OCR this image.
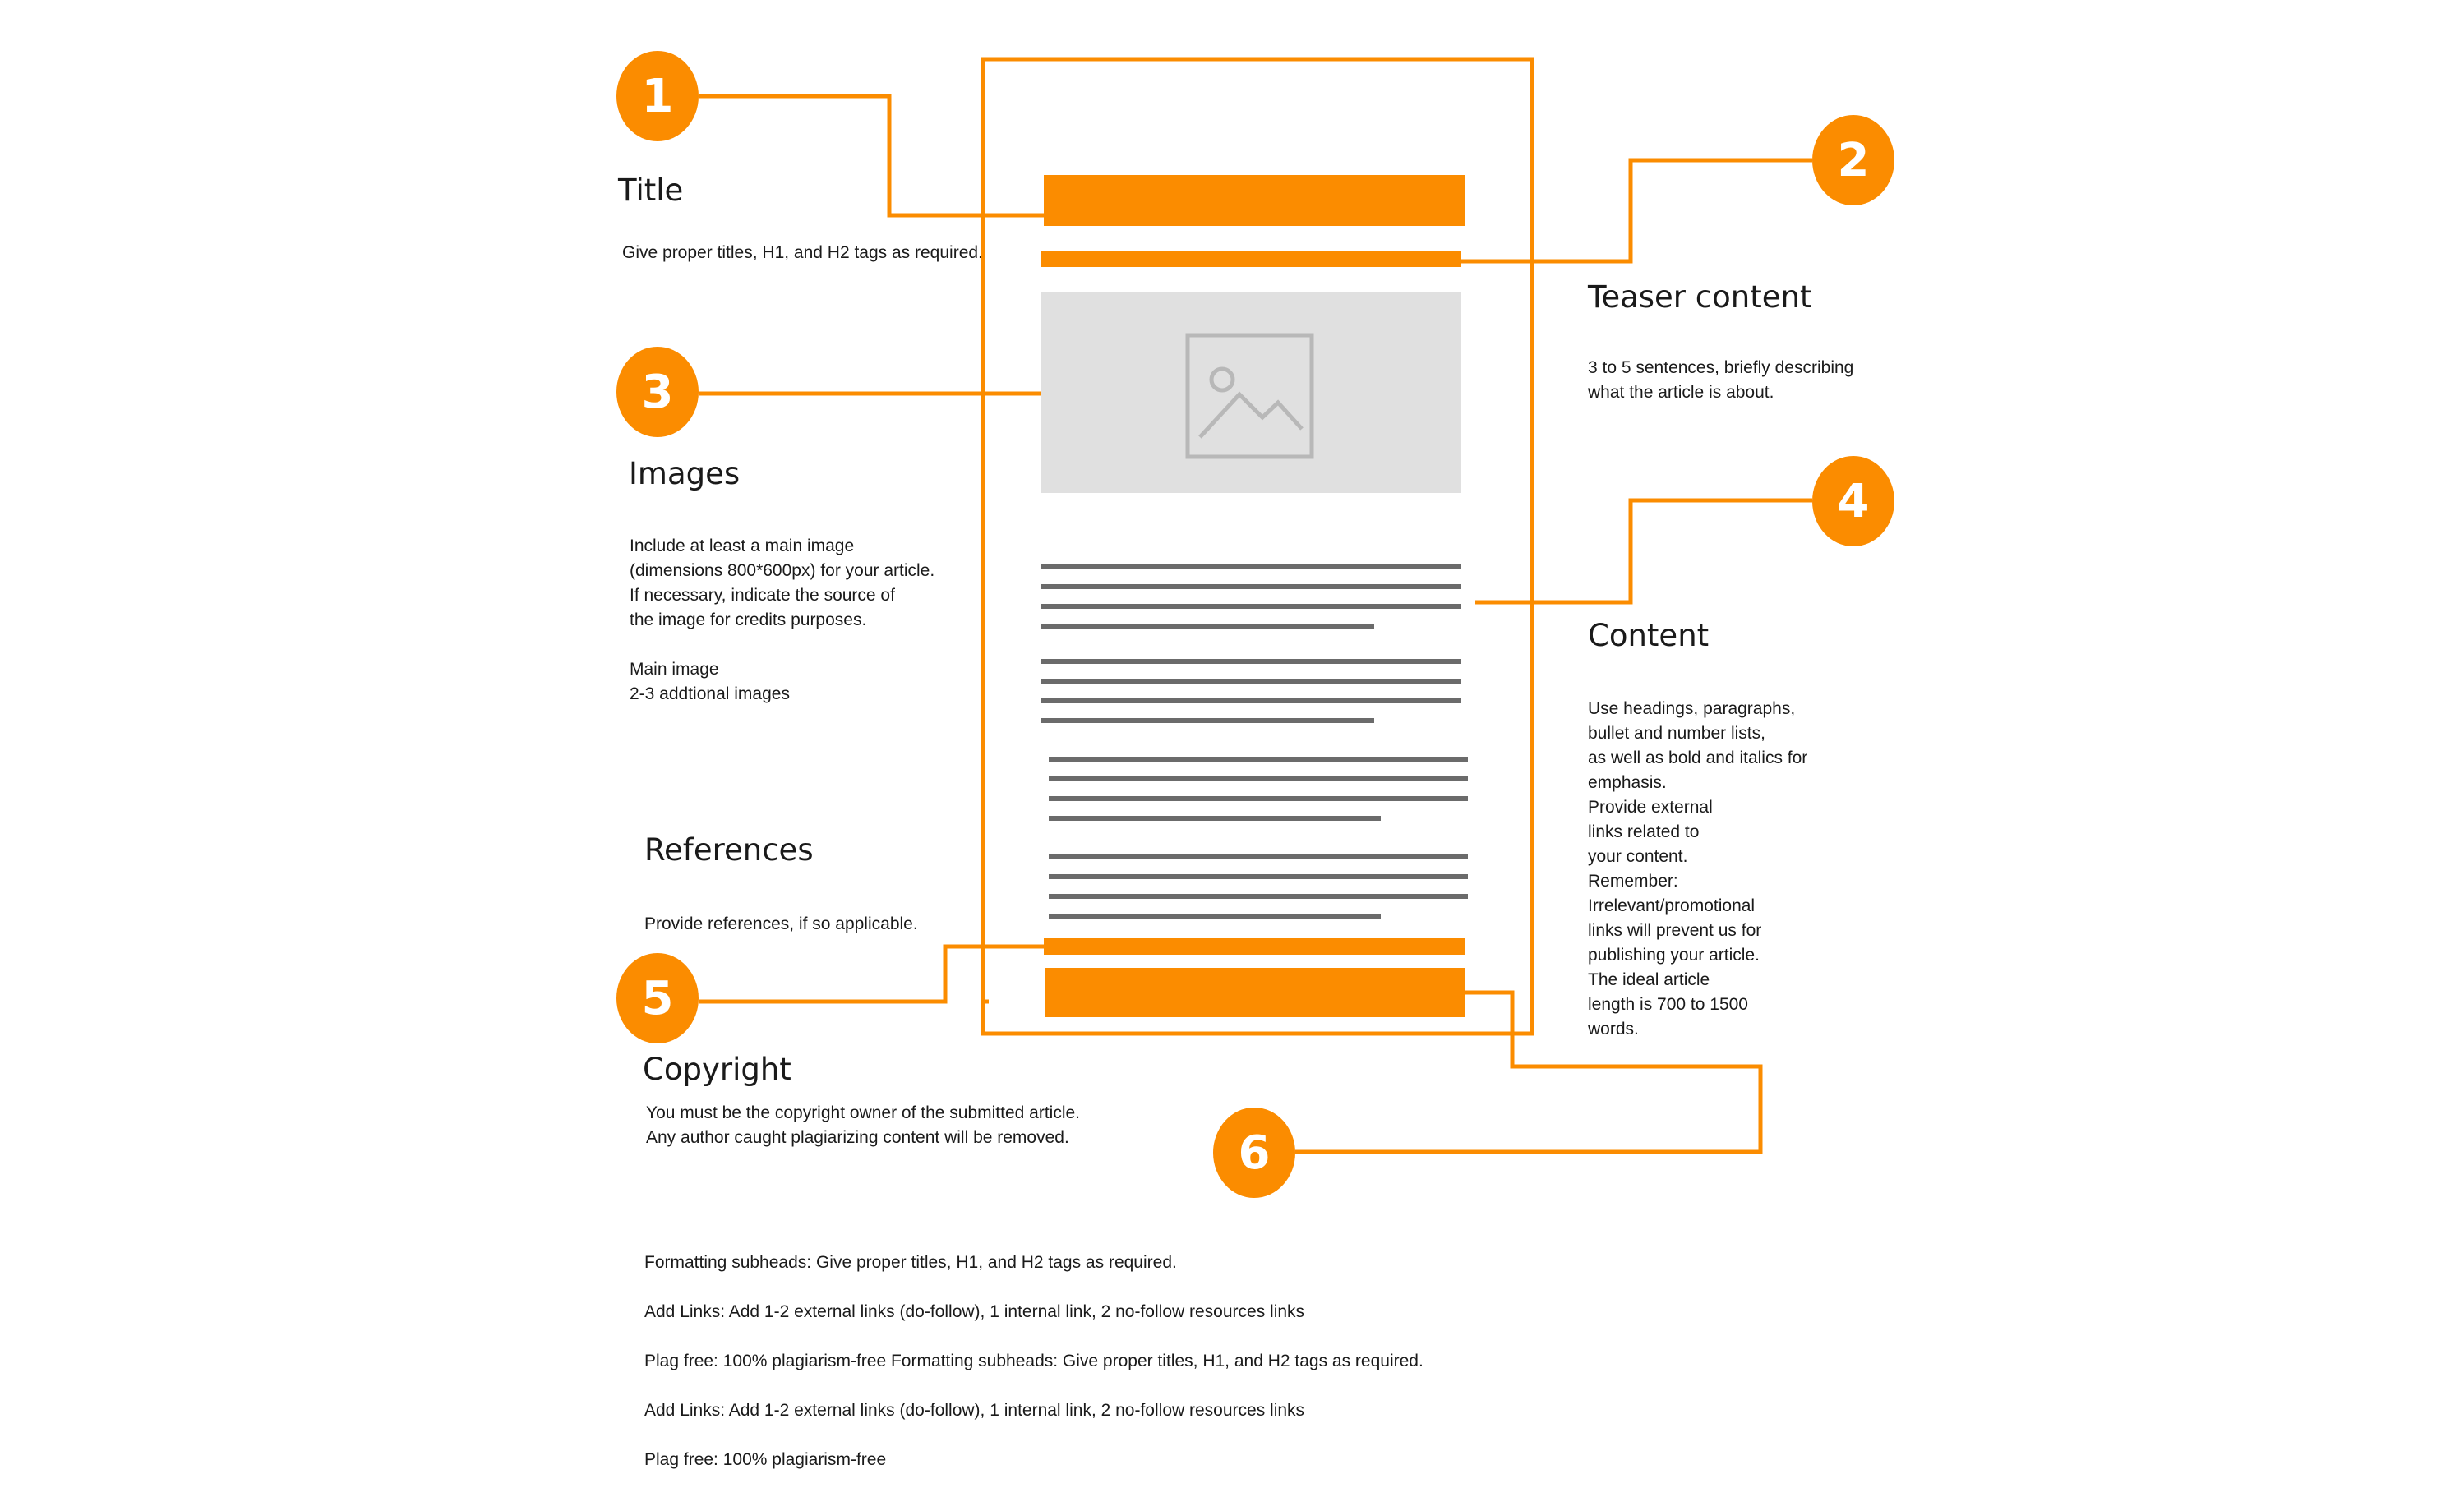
1
2
3
4
5
6
Title
Teaser content
Images
Content
Copyright
References
Give proper titles, H1, and H2 tags as required.
3 to 5 sentences, briefly describing
what the article is about.
Include at least a main image
(dimensions 800*600px) for your article.
If necessary, indicate the source of
the image for credits purposes.

Main image
2-3 addtional images
Use headings, paragraphs,
bullet and number lists,
as well as bold and italics for
emphasis.
Provide external
links related to
your content.
Remember:
Irrelevant/promotional
links will prevent us for
publishing your article.
The ideal article
length is 700 to 1500
words.
You must be the copyright owner of the submitted article.
Any author caught plagiarizing content will be removed.
Provide references, if so applicable.

Formatting subheads: Give proper titles, H1, and H2 tags as required.

Add Links: Add 1-2 external links (do-follow), 1 internal link, 2 no-follow resources links

Plag free: 100% plagiarism-free Formatting subheads: Give proper titles, H1, and H2 tags as required.

Add Links: Add 1-2 external links (do-follow), 1 internal link, 2 no-follow resources links

Plag free: 100% plagiarism-free
